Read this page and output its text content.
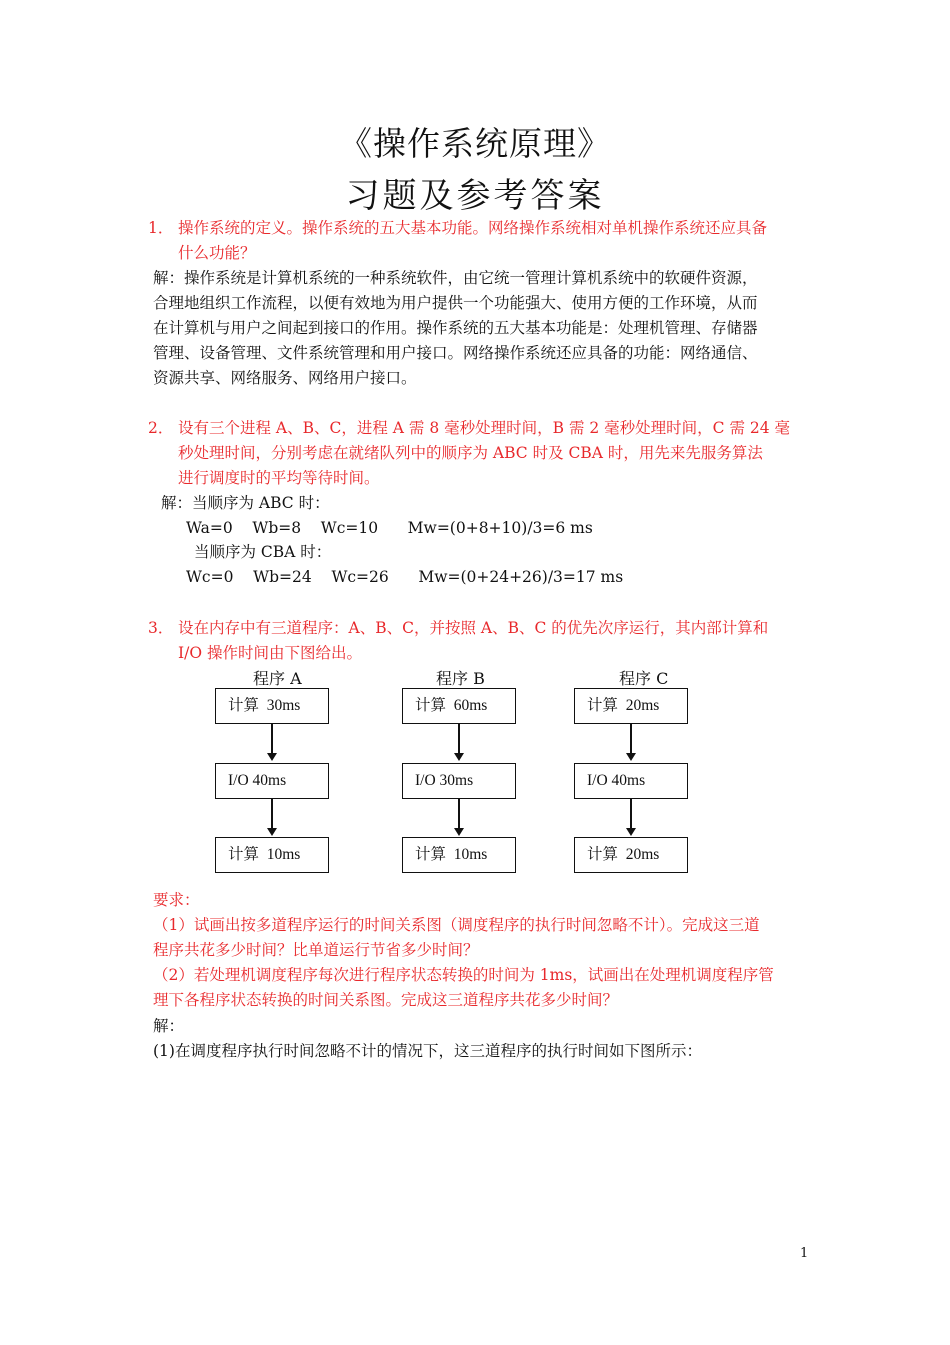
《操作系统原理》
习题及参考答案
1． 操作系统的定义。操作系统的五大基本功能。网络操作系统相对单机操作系统还应具备
什么功能？
解：操作系统是计算机系统的一种系统软件，由它统一管理计算机系统中的软硬件资源，
合理地组织工作流程，以便有效地为用户提供一个功能强大、使用方便的工作环境，从而
在计算机与用户之间起到接口的作用。操作系统的五大基本功能是：处理机管理、存储器
管理、设备管理、文件系统管理和用户接口。网络操作系统还应具备的功能：网络通信、
资源共享、网络服务、网络用户接口。
2． 设有三个进程 A、B、C，进程 A 需 8 毫秒处理时间，B 需 2 毫秒处理时间，C 需 24 毫
秒处理时间，分别考虑在就绪队列中的顺序为 ABC 时及 CBA 时，用先来先服务算法
进行调度时的平均等待时间。
解：当顺序为 ABC 时：
Wa=0    Wb=8    Wc=10      Mw=(0+8+10)/3=6 ms
当顺序为 CBA 时：
Wc=0    Wb=24    Wc=26      Mw=(0+24+26)/3=17 ms
3． 设在内存中有三道程序：A、B、C，并按照 A、B、C 的优先次序运行，其内部计算和
I/O 操作时间由下图给出。
程序 A
计算  30ms
I/O 40ms
计算  10ms
程序 B
计算  60ms
I/O 30ms
计算  10ms
程序 C
计算  20ms
I/O 40ms
计算  20ms
要求：
（1）试画出按多道程序运行的时间关系图（调度程序的执行时间忽略不计）。完成这三道
程序共花多少时间？比单道运行节省多少时间？
（2）若处理机调度程序每次进行程序状态转换的时间为 1ms，试画出在处理机调度程序管
理下各程序状态转换的时间关系图。完成这三道程序共花多少时间？
解：
(1)在调度程序执行时间忽略不计的情况下，这三道程序的执行时间如下图所示：
1
